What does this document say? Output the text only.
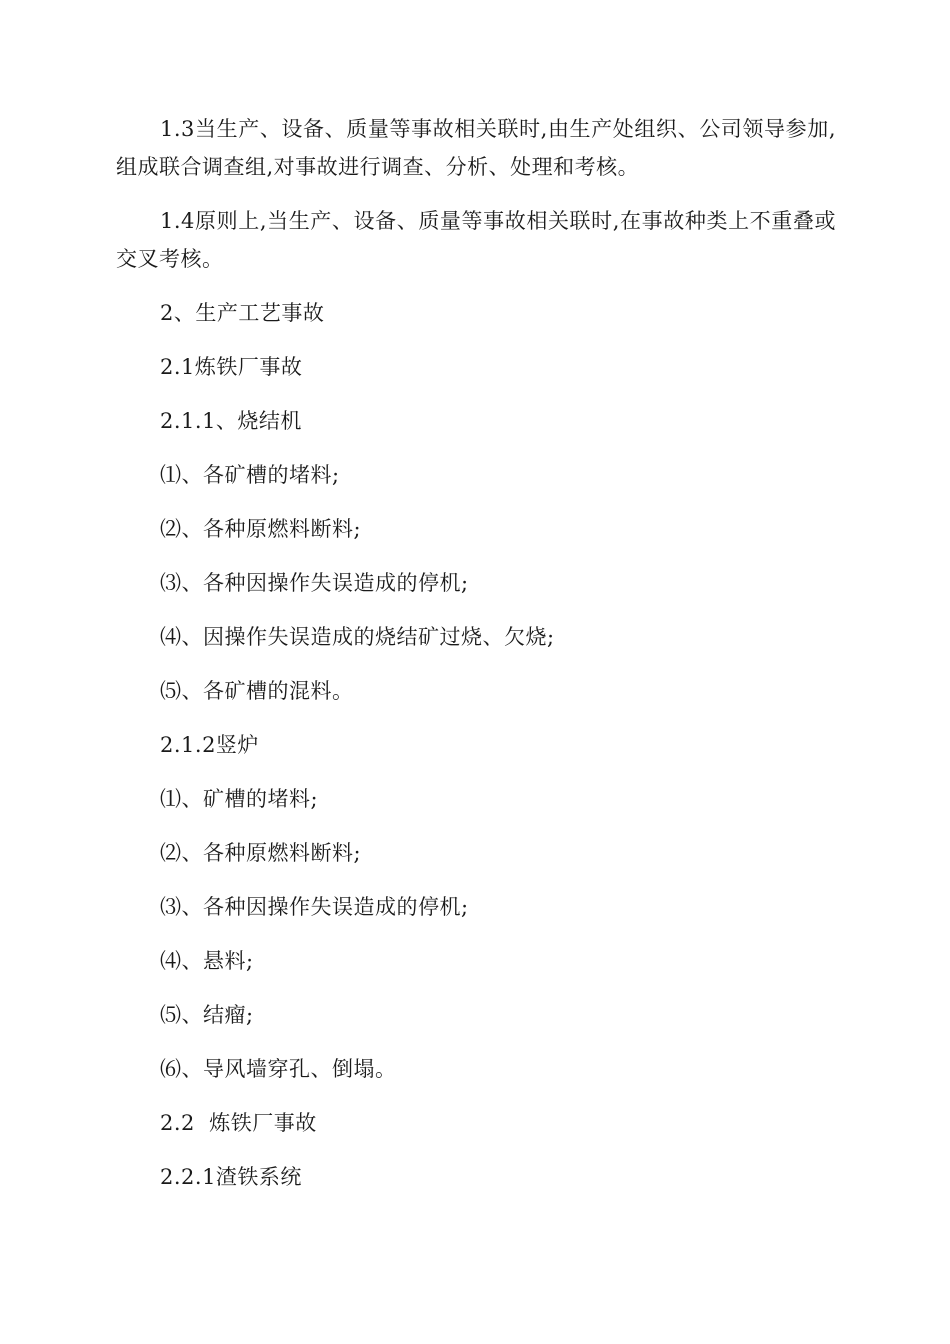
1.3当生产、设备、质量等事故相关联时,由生产处组织、公司领导参加,组成联合调查组,对事故进行调查、分析、处理和考核。

1.4原则上,当生产、设备、质量等事故相关联时,在事故种类上不重叠或交叉考核。

2、生产工艺事故
2.1炼铁厂事故
2.1.1、烧结机
⑴、各矿槽的堵料;
⑵、各种原燃料断料;
⑶、各种因操作失误造成的停机;
⑷、因操作失误造成的烧结矿过烧、欠烧;
⑸、各矿槽的混料。
2.1.2竖炉
⑴、矿槽的堵料;
⑵、各种原燃料断料;
⑶、各种因操作失误造成的停机;
⑷、悬料;
⑸、结瘤;
⑹、导风墙穿孔、倒塌。
2.2  炼铁厂事故
2.2.1渣铁系统
